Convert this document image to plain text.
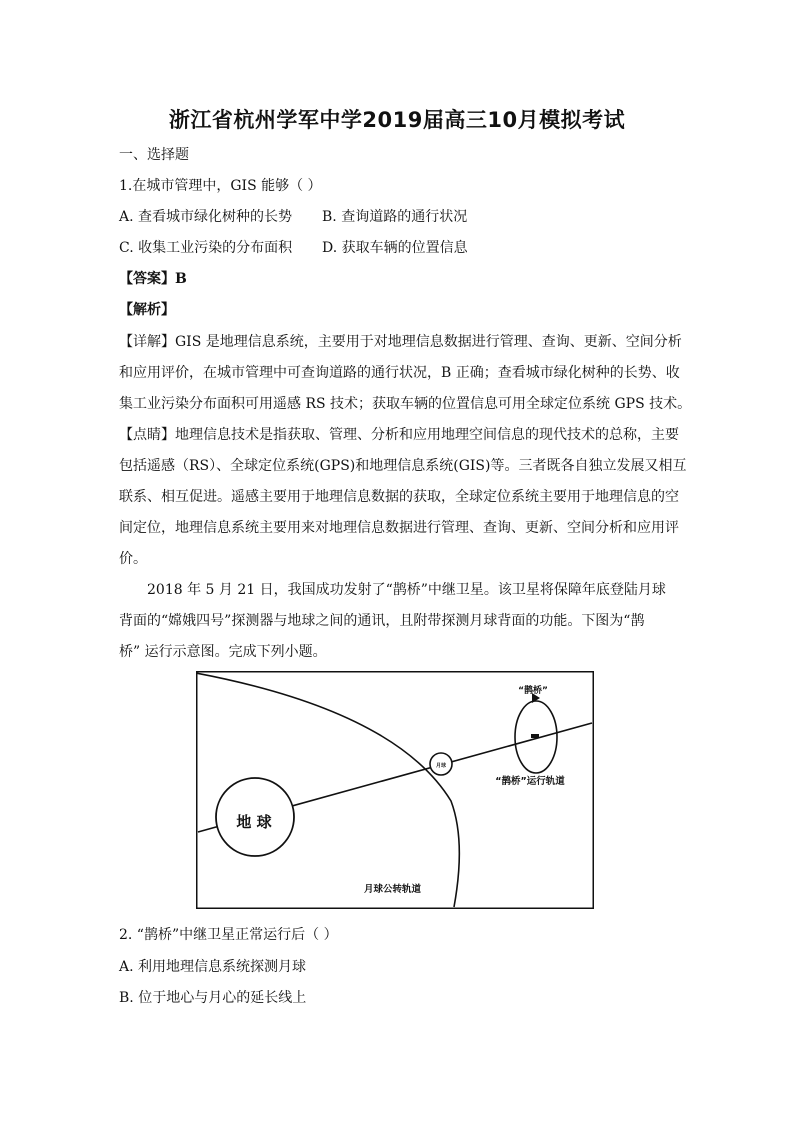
浙江省杭州学军中学2019届高三10月模拟考试
一、选择题
1.在城市管理中，GIS 能够（ ）
A. 查看城市绿化树种的长势 B. 查询道路的通行状况
C. 收集工业污染的分布面积 D. 获取车辆的位置信息
【答案】B
【解析】
【详解】GIS 是地理信息系统，主要用于对地理信息数据进行管理、查询、更新、空间分析
和应用评价，在城市管理中可查询道路的通行状况，B 正确；查看城市绿化树种的长势、收
集工业污染分布面积可用遥感 RS 技术；获取车辆的位置信息可用全球定位系统 GPS 技术。
【点睛】地理信息技术是指获取、管理、分析和应用地理空间信息的现代技术的总称，主要
包括遥感（RS）、全球定位系统(GPS)和地理信息系统(GIS)等。三者既各自独立发展又相互
联系、相互促进。遥感主要用于地理信息数据的获取，全球定位系统主要用于地理信息的空
间定位，地理信息系统主要用来对地理信息数据进行管理、查询、更新、空间分析和应用评
价。
2018 年 5 月 21 日，我国成功发射了“鹊桥”中继卫星。该卫星将保障年底登陆月球
背面的“嫦娥四号”探测器与地球之间的通讯，且附带探测月球背面的功能。下图为“鹊
桥” 运行示意图。完成下列小题。
地 球
月球
“鹊桥”
“鹊桥”运行轨道
月球公转轨道
2. “鹊桥”中继卫星正常运行后（ ）
A. 利用地理信息系统探测月球
B. 位于地心与月心的延长线上
